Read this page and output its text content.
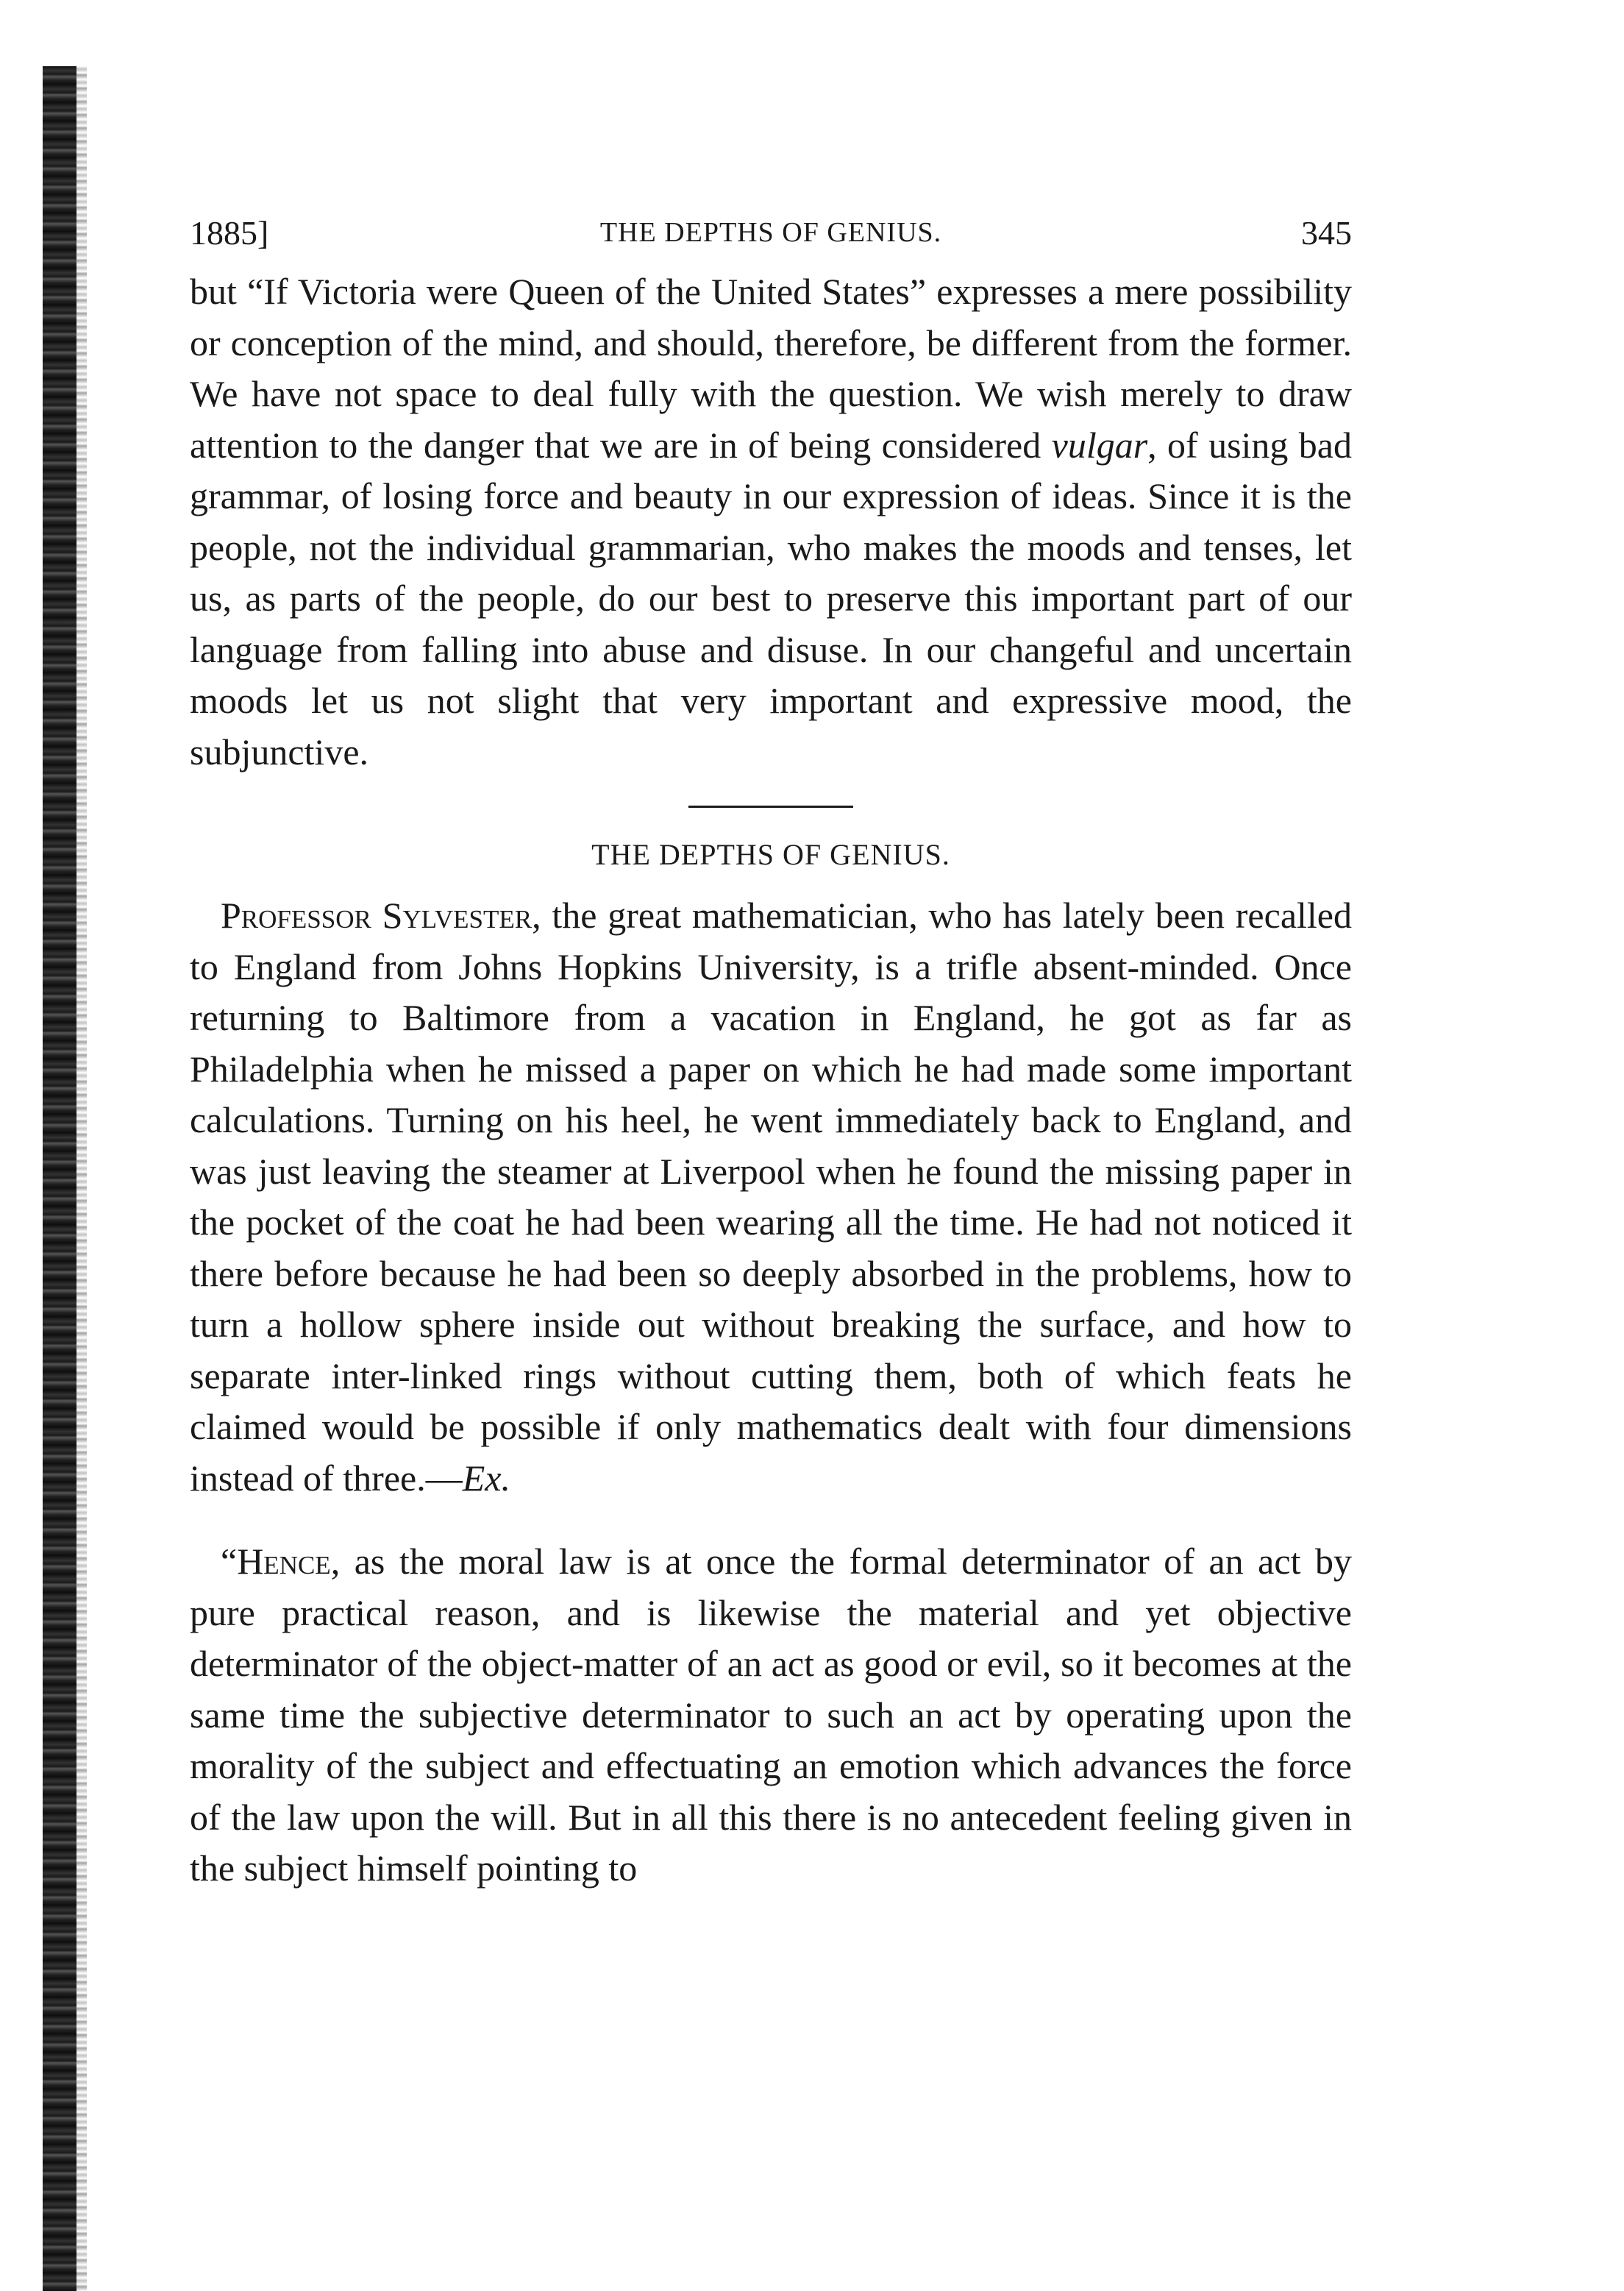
1885]	THE DEPTHS OF GENIUS.	345

but “If Victoria were Queen of the United States” expresses a mere possibility or conception of the mind, and should, therefore, be different from the former. We have not space to deal fully with the question. We wish merely to draw attention to the danger that we are in of being considered vulgar, of using bad grammar, of losing force and beauty in our expression of ideas. Since it is the people, not the individual grammarian, who makes the moods and tenses, let us, as parts of the people, do our best to preserve this important part of our language from falling into abuse and disuse. In our changeful and uncertain moods let us not slight that very important and expressive mood, the subjunctive.

THE DEPTHS OF GENIUS.

Professor Sylvester, the great mathematician, who has lately been recalled to England from Johns Hopkins University, is a trifle absent-minded. Once returning to Baltimore from a vacation in England, he got as far as Philadelphia when he missed a paper on which he had made some important calculations. Turning on his heel, he went immediately back to England, and was just leaving the steamer at Liverpool when he found the missing paper in the pocket of the coat he had been wearing all the time. He had not noticed it there before because he had been so deeply absorbed in the problems, how to turn a hollow sphere inside out without breaking the surface, and how to separate inter-linked rings without cutting them, both of which feats he claimed would be possible if only mathematics dealt with four dimensions instead of three.—Ex.

“Hence, as the moral law is at once the formal determinator of an act by pure practical reason, and is likewise the material and yet objective determinator of the object-matter of an act as good or evil, so it becomes at the same time the subjective determinator to such an act by operating upon the morality of the subject and effectuating an emotion which advances the force of the law upon the will. But in all this there is no antecedent feeling given in the subject himself pointing to
